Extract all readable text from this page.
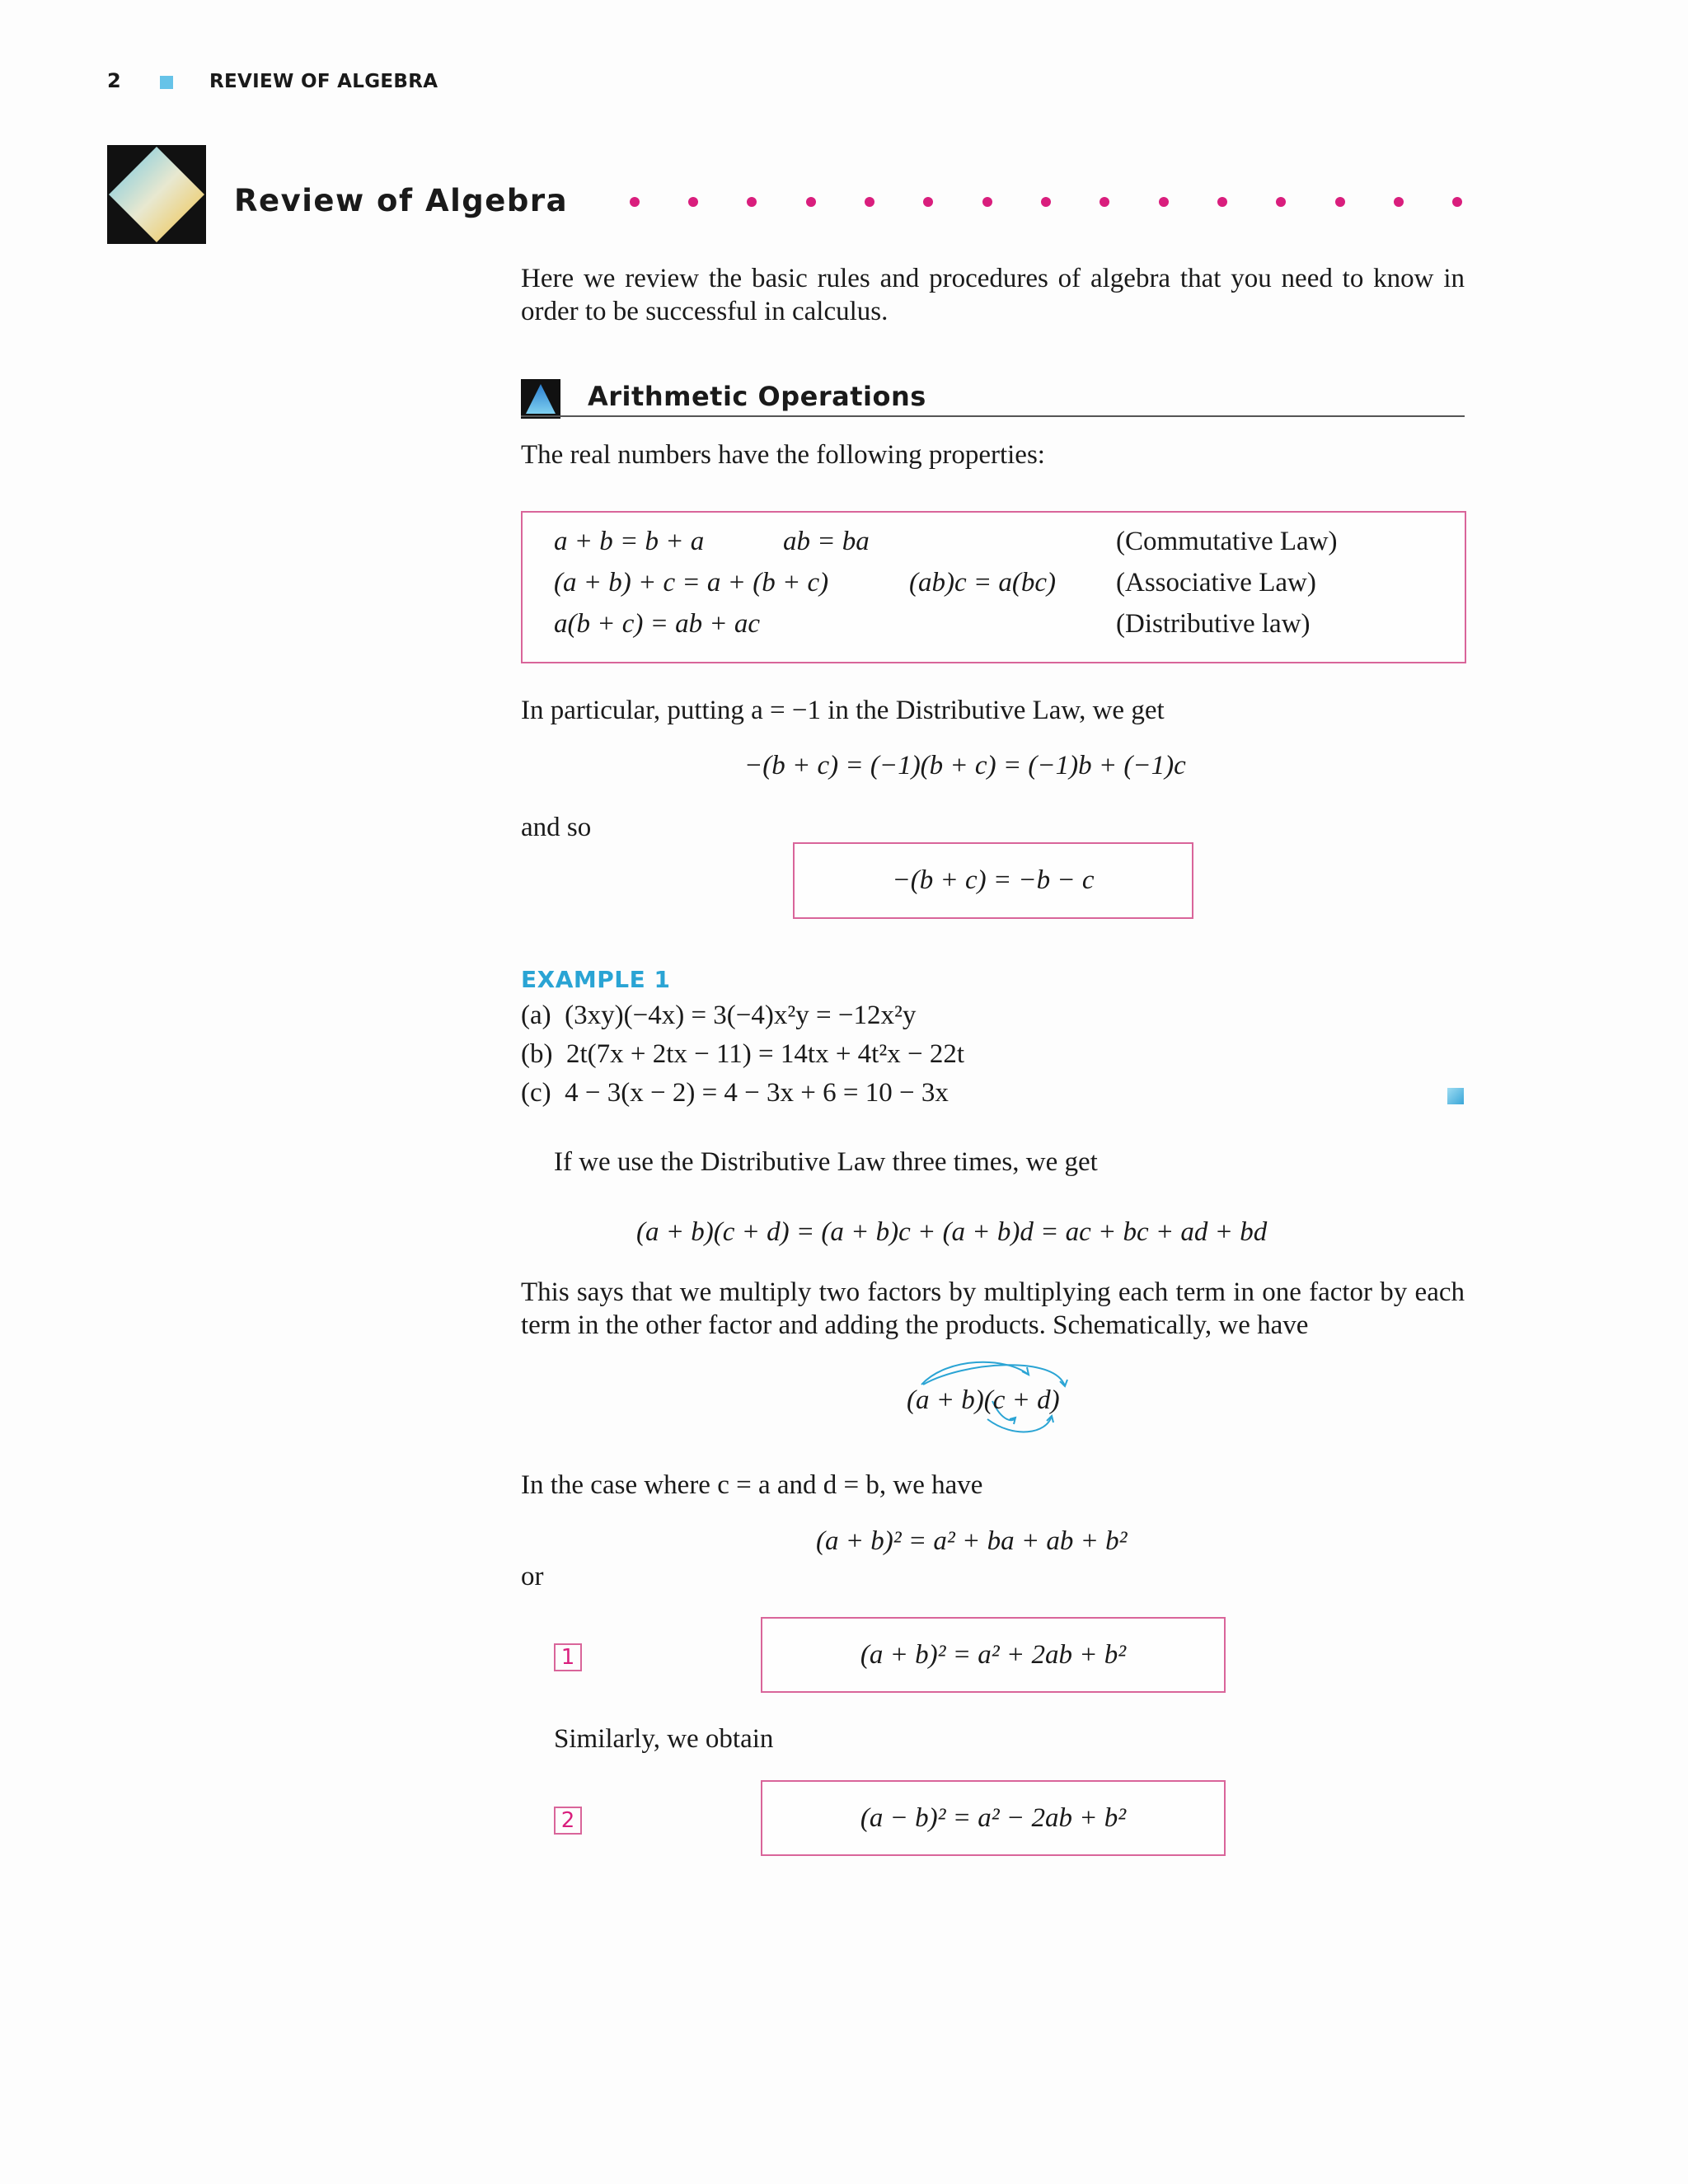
2	REVIEW OF ALGEBRA
Review of Algebra
Here we review the basic rules and procedures of algebra that you need to know in
order to be successful in calculus.
Arithmetic Operations
The real numbers have the following properties:
a + b = b + a	ab = ba	(Commutative Law)
(a + b) + c = a + (b + c)	(ab)c = a(bc) (Associative Law)
a(b + c) = ab + ac	(Distributive law)
In particular, putting a = −1 in the Distributive Law, we get
−(b + c) = (−1)(b + c) = (−1)b + (−1)c
and so
−(b + c) = −b − c
EXAMPLE 1
(a)  (3xy)(−4x) = 3(−4)x²y = −12x²y
(b)  2t(7x + 2tx − 11) = 14tx + 4t²x − 22t
(c)  4 − 3(x − 2) = 4 − 3x + 6 = 10 − 3x
If we use the Distributive Law three times, we get
(a + b)(c + d) = (a + b)c + (a + b)d = ac + bc + ad + bd
This says that we multiply two factors by multiplying each term in one factor by each
term in the other factor and adding the products. Schematically, we have
(a + b)(c + d)
In the case where c = a and d = b, we have
(a + b)² = a² + ba + ab + b²
or
1	(a + b)² = a² + 2ab + b²
Similarly, we obtain
2	(a − b)² = a² − 2ab + b²
